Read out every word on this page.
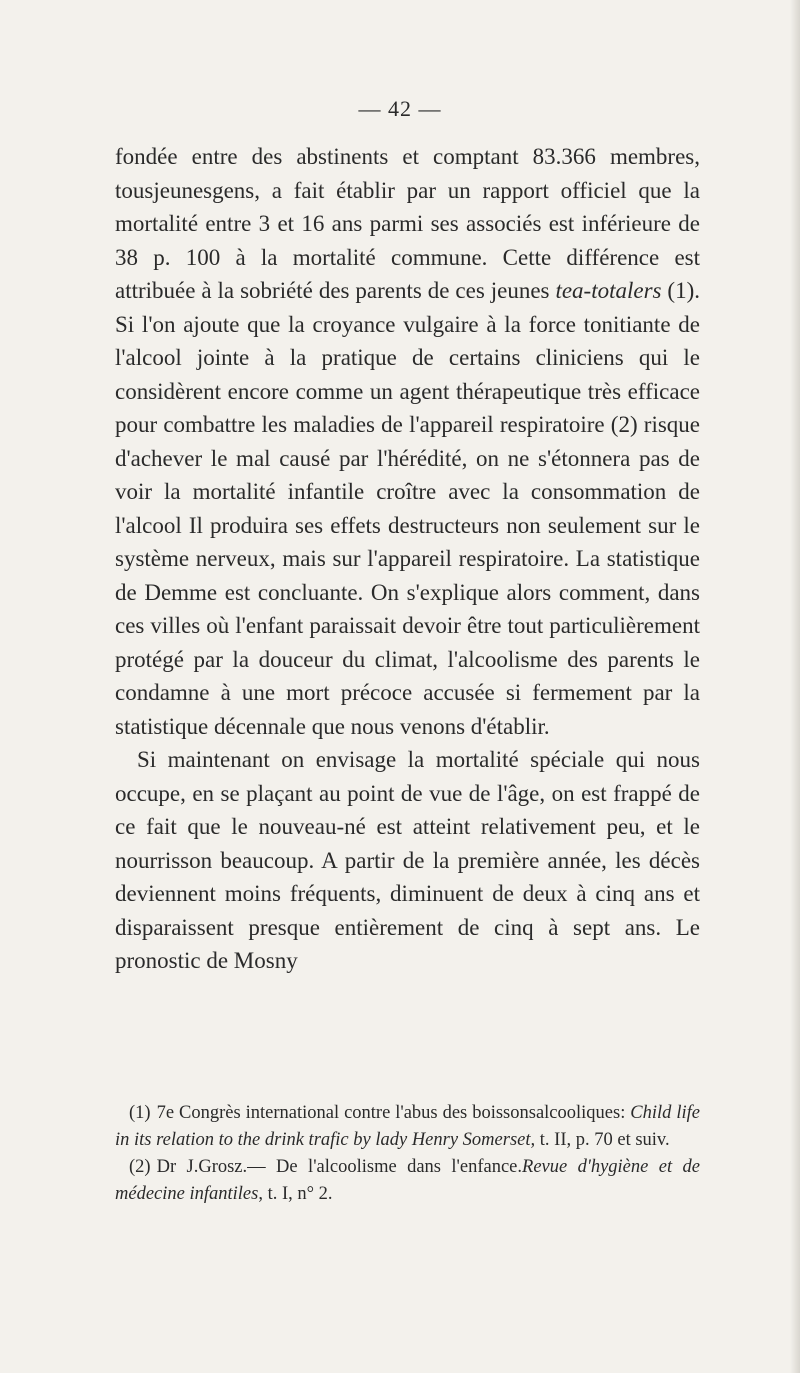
— 42 —

fondée entre des abstinents et comptant 83.366 membres, tousjeunesgens, a fait établir par un rapport officiel que la mortalité entre 3 et 16 ans parmi ses associés est inférieure de 38 p. 100 à la mortalité commune. Cette différence est attribuée à la sobriété des parents de ces jeunes tea-totalers (1). Si l'on ajoute que la croyance vulgaire à la force tonitiante de l'alcool jointe à la pratique de certains cliniciens qui le considèrent encore comme un agent thérapeutique très efficace pour combattre les maladies de l'appareil respiratoire (2) risque d'achever le mal causé par l'hérédité, on ne s'étonnera pas de voir la mortalité infantile croître avec la consommation de l'alcool Il produira ses effets destructeurs non seulement sur le système nerveux, mais sur l'appareil respiratoire. La statistique de Demme est concluante. On s'explique alors comment, dans ces villes où l'enfant paraissait devoir être tout particulièrement protégé par la douceur du climat, l'alcoolisme des parents le condamne à une mort précoce accusée si fermement par la statistique décennale que nous venons d'établir.

Si maintenant on envisage la mortalité spéciale qui nous occupe, en se plaçant au point de vue de l'âge, on est frappé de ce fait que le nouveau-né est atteint relativement peu, et le nourrisson beaucoup. A partir de la première année, les décès deviennent moins fréquents, diminuent de deux à cinq ans et disparaissent presque entièrement de cinq à sept ans. Le pronostic de Mosny

(1) 7e Congrès international contre l'abus des boissonsalcooliques: Child life in its relation to the drink trafic by lady Henry Somerset, t. II, p. 70 et suiv.

(2) Dr J.Grosz.— De l'alcoolisme dans l'enfance.Revue d'hygiène et de médecine infantiles, t. I, n° 2.
